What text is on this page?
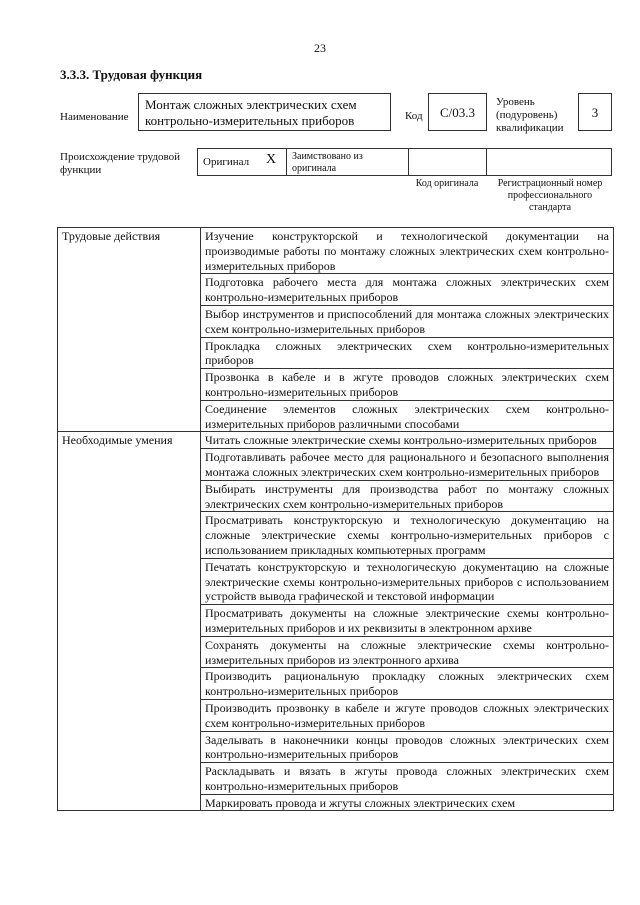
23
3.3.3. Трудовая функция
Наименование
Монтаж сложных электрических схем контрольно-измерительных приборов	Код	C/03.3
Уровень (подуровень) квалификации
3
Происхождение трудовой функции
Оригинал X Заимствовано из оригинала
Код оригинала	Регистрационный номер профессионального стандарта
Трудовые действия	Изучение конструкторской и технологической документации на производимые работы по монтажу сложных электрических схем контрольно-измерительных приборов
	Подготовка рабочего места для монтажа сложных электрических схем контрольно-измерительных приборов
	Выбор инструментов и приспособлений для монтажа сложных электрических схем контрольно-измерительных приборов
	Прокладка сложных электрических схем контрольно-измерительных приборов
	Прозвонка в кабеле и в жгуте проводов сложных электрических схем контрольно-измерительных приборов
	Соединение элементов сложных электрических схем контрольно-измерительных приборов различными способами
Необходимые умения	Читать сложные электрические схемы контрольно-измерительных приборов
	Подготавливать рабочее место для рационального и безопасного выполнения монтажа сложных электрических схем контрольно-измерительных приборов
	Выбирать инструменты для производства работ по монтажу сложных электрических схем контрольно-измерительных приборов
	Просматривать конструкторскую и технологическую документацию на сложные электрические схемы контрольно-измерительных приборов с использованием прикладных компьютерных программ
	Печатать конструкторскую и технологическую документацию на сложные электрические схемы контрольно-измерительных приборов с использованием устройств вывода графической и текстовой информации
	Просматривать документы на сложные электрические схемы контрольно-измерительных приборов и их реквизиты в электронном архиве
	Сохранять документы на сложные электрические схемы контрольно-измерительных приборов из электронного архива
	Производить рациональную прокладку сложных электрических схем контрольно-измерительных приборов
	Производить прозвонку в кабеле и жгуте проводов сложных электрических схем контрольно-измерительных приборов
	Заделывать в наконечники концы проводов сложных электрических схем контрольно-измерительных приборов
	Раскладывать и вязать в жгуты провода сложных электрических схем контрольно-измерительных приборов
	Маркировать провода и жгуты сложных электрических схем
